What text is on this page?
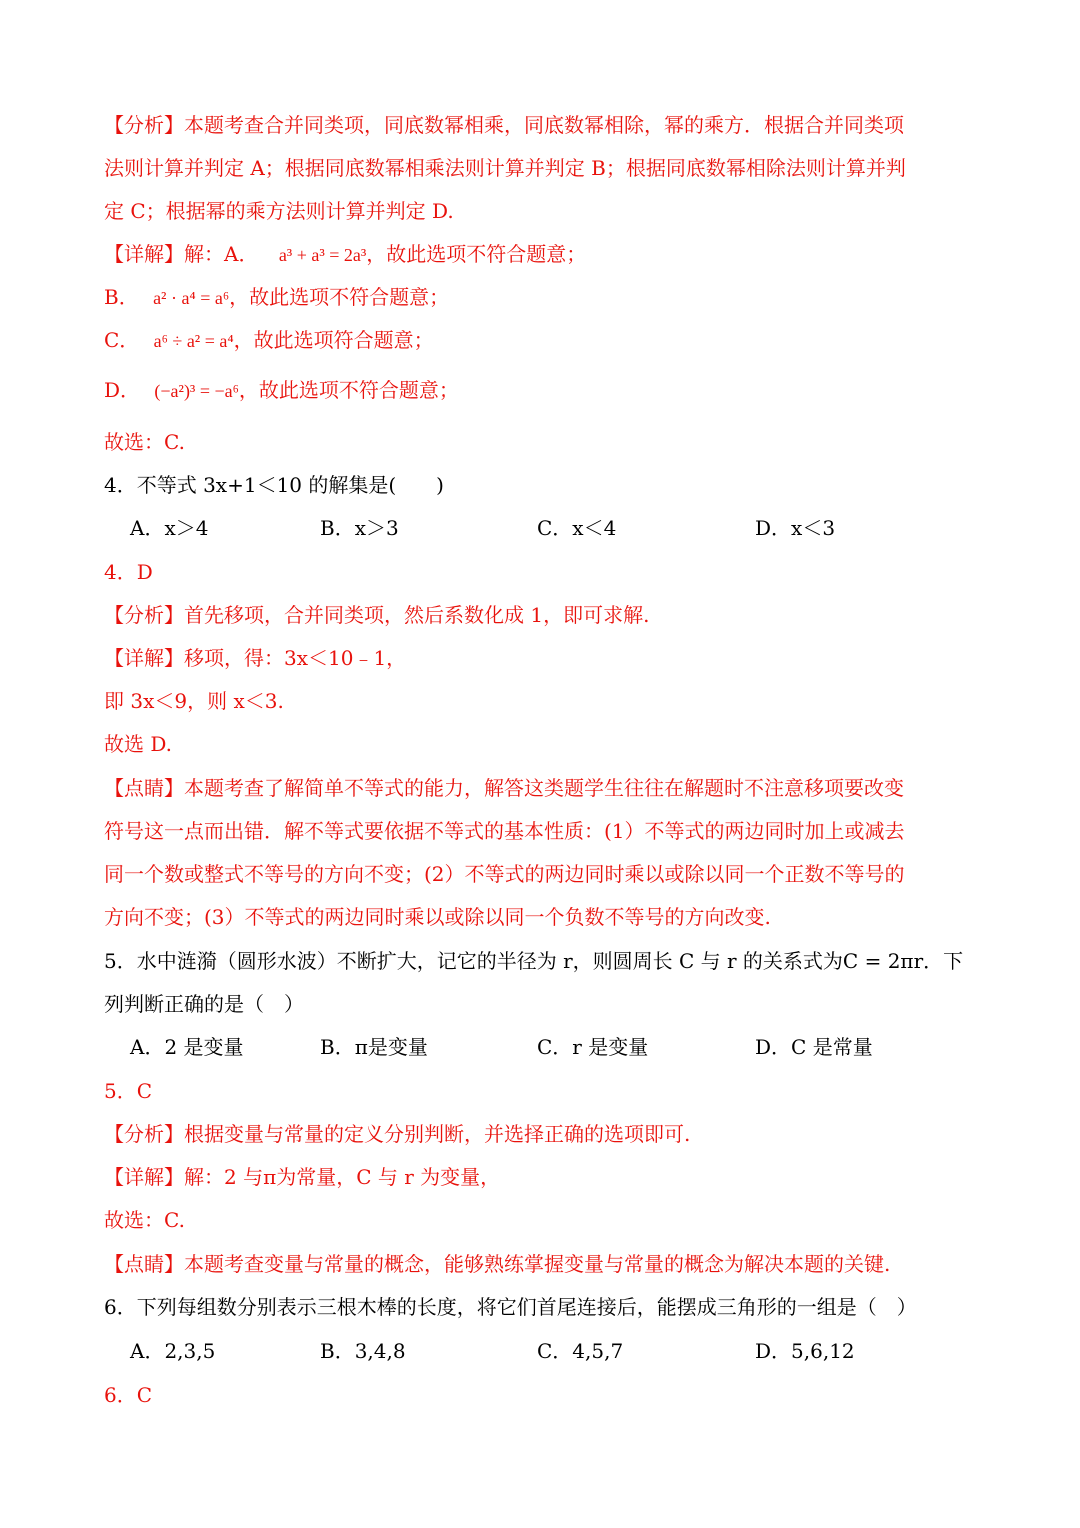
【分析】本题考查合并同类项，同底数幂相乘，同底数幂相除，幂的乘方．根据合并同类项
法则计算并判定 A；根据同底数幂相乘法则计算并判定 B；根据同底数幂相除法则计算并判
定 C；根据幂的乘方法则计算并判定 D.
【详解】解：A． a³ + a³ = 2a³，故此选项不符合题意；
B． a² · a⁴ = a⁶，故此选项不符合题意；
C． a⁶ ÷ a² = a⁴，故此选项符合题意；
D． (−a²)³ = −a⁶，故此选项不符合题意；
故选：C.
4．不等式 3x+1＜10 的解集是(　　)
A．x＞4	B．x＞3	C．x＜4	D．x＜3
4．D
【分析】首先移项，合并同类项，然后系数化成 1，即可求解.
【详解】移项，得：3x＜10﹣1，
即 3x＜9，则 x＜3.
故选 D.
【点睛】本题考查了解简单不等式的能力，解答这类题学生往往在解题时不注意移项要改变
符号这一点而出错．解不等式要依据不等式的基本性质：(1）不等式的两边同时加上或减去
同一个数或整式不等号的方向不变；(2）不等式的两边同时乘以或除以同一个正数不等号的
方向不变；(3）不等式的两边同时乘以或除以同一个负数不等号的方向改变.
5．水中涟漪（圆形水波）不断扩大，记它的半径为 r，则圆周长 C 与 r 的关系式为C = 2πr．下
列判断正确的是（　）
A．2 是变量	B．π是变量	C．r 是变量	D．C 是常量
5．C
【分析】根据变量与常量的定义分别判断，并选择正确的选项即可.
【详解】解：2 与π为常量，C 与 r 为变量，
故选：C.
【点睛】本题考查变量与常量的概念，能够熟练掌握变量与常量的概念为解决本题的关键.
6．下列每组数分别表示三根木棒的长度，将它们首尾连接后，能摆成三角形的一组是（　）
A．2,3,5	B．3,4,8	C．4,5,7	D．5,6,12
6．C
